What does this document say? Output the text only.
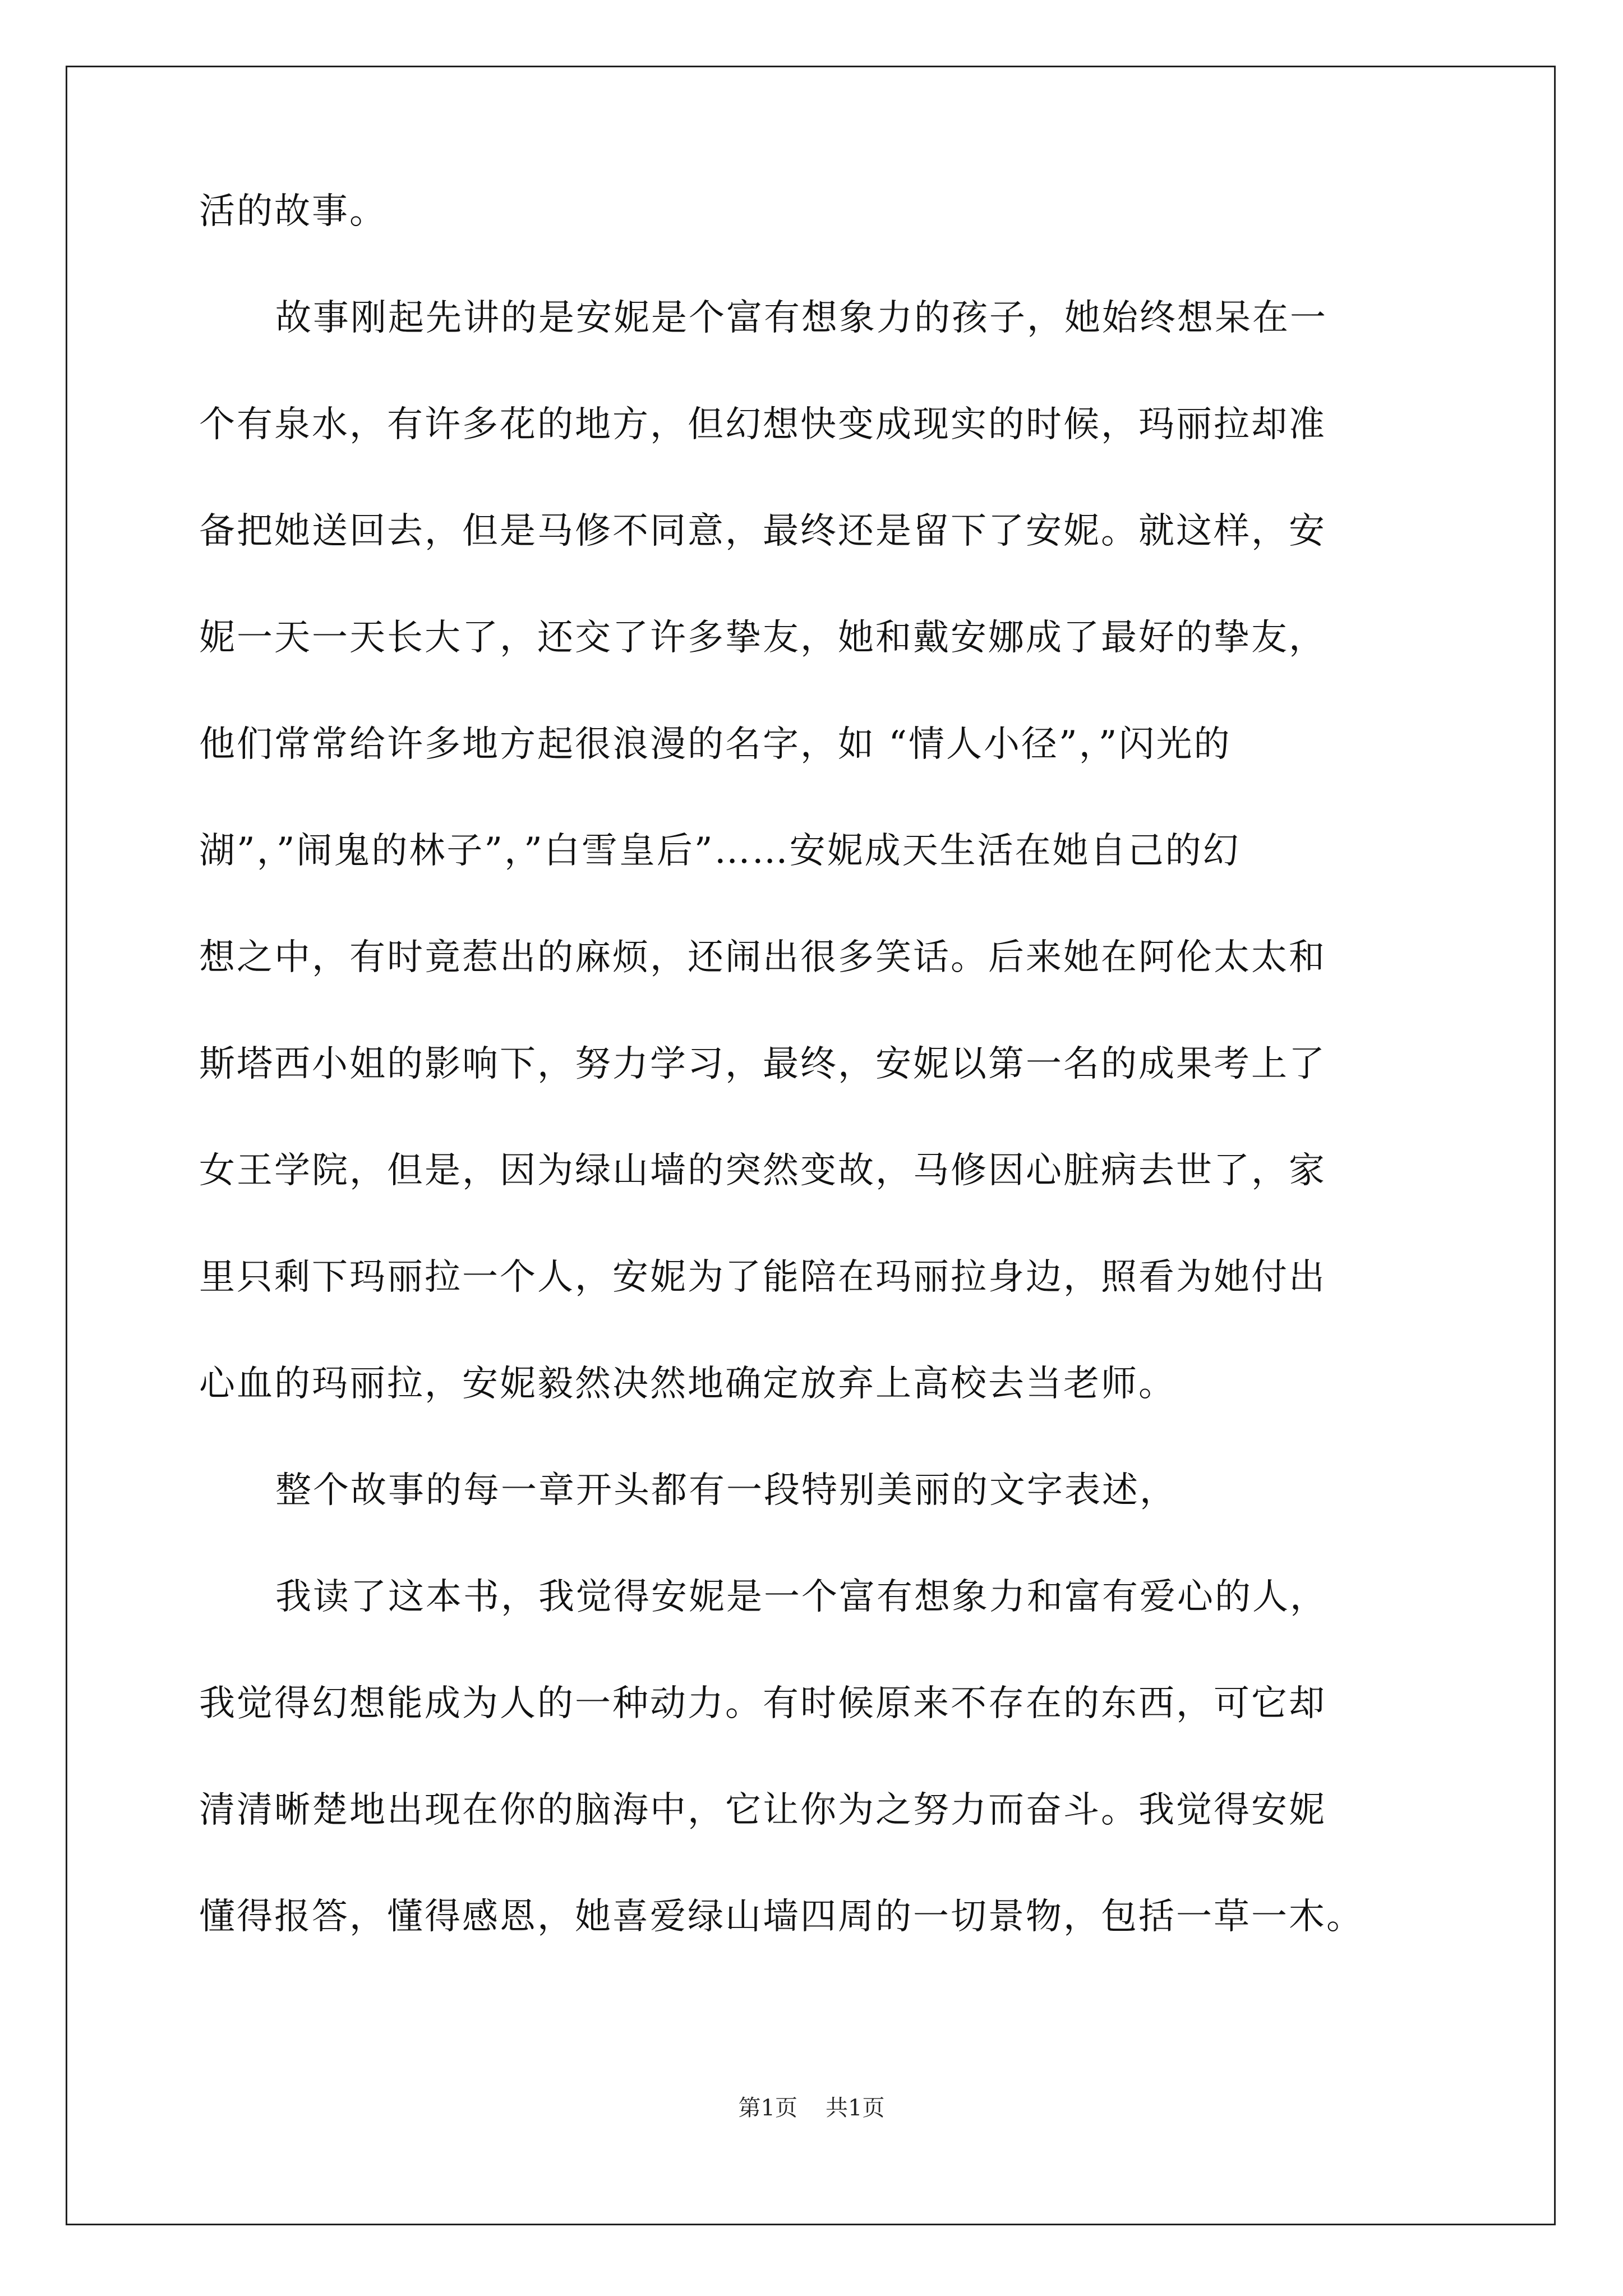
活的故事。
故事刚起先讲的是安妮是个富有想象力的孩子，她始终想呆在一
个有泉水，有许多花的地方，但幻想快变成现实的时候，玛丽拉却准
备把她送回去，但是马修不同意，最终还是留下了安妮。就这样，安
妮一天一天长大了，还交了许多挚友，她和戴安娜成了最好的挚友，
他们常常给许多地方起很浪漫的名字，如 “情人小径”，”闪光的
湖”，”闹鬼的林子”，”白雪皇后”……安妮成天生活在她自己的幻
想之中，有时竟惹出的麻烦，还闹出很多笑话。后来她在阿伦太太和
斯塔西小姐的影响下，努力学习，最终，安妮以第一名的成果考上了
女王学院，但是，因为绿山墙的突然变故，马修因心脏病去世了，家
里只剩下玛丽拉一个人，安妮为了能陪在玛丽拉身边，照看为她付出
心血的玛丽拉，安妮毅然决然地确定放弃上高校去当老师。
整个故事的每一章开头都有一段特别美丽的文字表述，
我读了这本书，我觉得安妮是一个富有想象力和富有爱心的人，
我觉得幻想能成为人的一种动力。有时候原来不存在的东西，可它却
清清晰楚地出现在你的脑海中，它让你为之努力而奋斗。我觉得安妮
懂得报答，懂得感恩，她喜爱绿山墙四周的一切景物，包括一草一木。
第1页 共1页
